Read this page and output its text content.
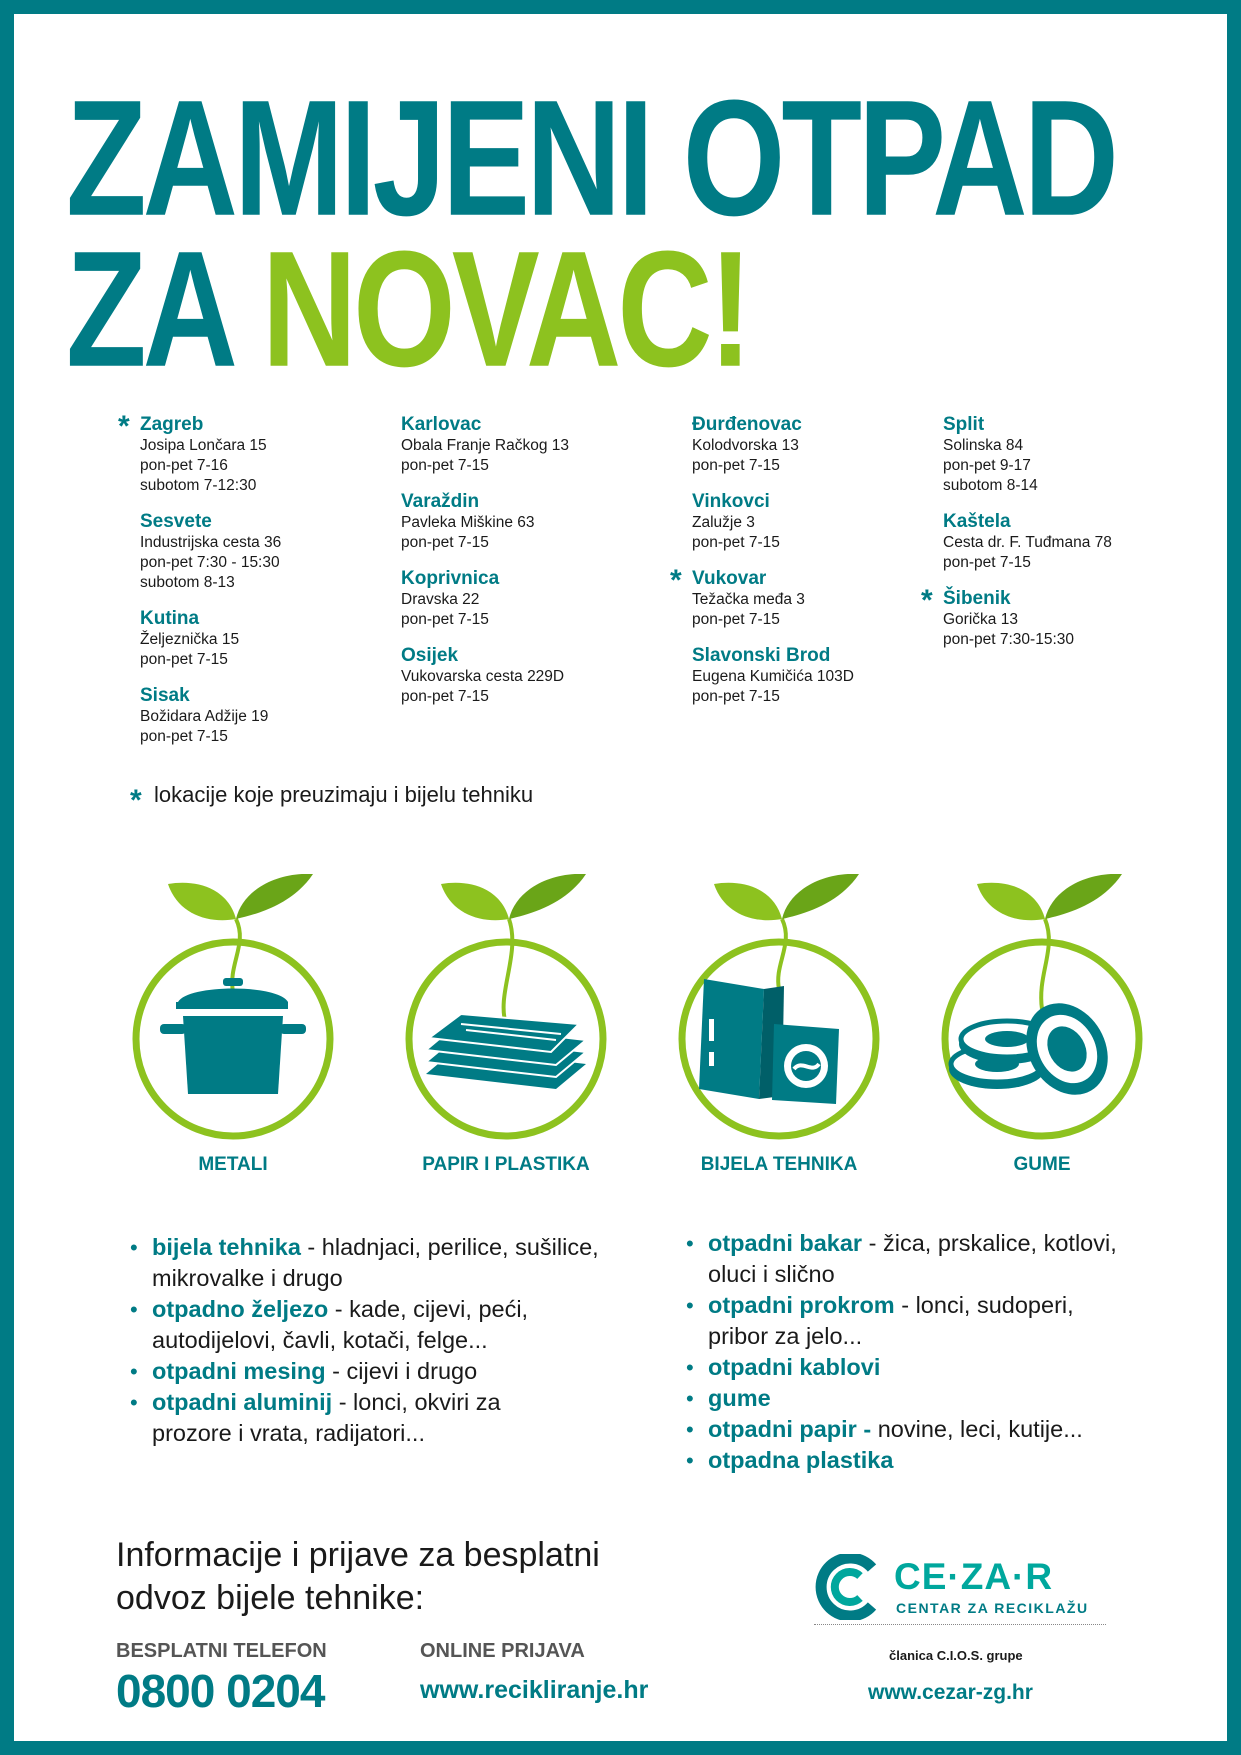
ZAMIJENI OTPAD
ZA NOVAC!
* Zagreb
Josipa Lončara 15
pon-pet 7-16
subotom 7-12:30
Sesvete
Industrijska cesta 36
pon-pet 7:30 - 15:30
subotom 8-13
Kutina
Željeznička 15
pon-pet 7-15
Sisak
Božidara Adžije 19
pon-pet 7-15
Karlovac
Obala Franje Račkog 13
pon-pet 7-15
Varaždin
Pavleka Miškine 63
pon-pet 7-15
Koprivnica
Dravska 22
pon-pet 7-15
Osijek
Vukovarska cesta 229D
pon-pet 7-15
Đurđenovac
Kolodvorska 13
pon-pet 7-15
Vinkovci
Zalužje 3
pon-pet 7-15
* Vukovar
Težačka međa 3
pon-pet 7-15
Slavonski Brod
Eugena Kumičića 103D
pon-pet 7-15
Split
Solinska 84
pon-pet 9-17
subotom 8-14
Kaštela
Cesta dr. F. Tuđmana 78
pon-pet 7-15
* Šibenik
Gorička 13
pon-pet 7:30-15:30
* lokacije koje preuzimaju i bijelu tehniku
METALI	PAPIR I PLASTIKA	BIJELA TEHNIKA	GUME
• bijela tehnika - hladnjaci, perilice, sušilice,
mikrovalke i drugo
• otpadno željezo - kade, cijevi, peći,
autodijelovi, čavli, kotači, felge...
• otpadni mesing - cijevi i drugo
• otpadni aluminij - lonci, okviri za
prozore i vrata, radijatori...
• otpadni bakar - žica, prskalice, kotlovi,
oluci i slično
• otpadni prokrom - lonci, sudoperi,
pribor za jelo...
• otpadni kablovi
• gume
• otpadni papir - novine, leci, kutije...
• otpadna plastika
Informacije i prijave za besplatni
odvoz bijele tehnike:
BESPLATNI TELEFON
0800 0204
ONLINE PRIJAVA
www.recikliranje.hr
CE·ZA·R
CENTAR ZA RECIKLAŽU
članica C.I.O.S. grupe
www.cezar-zg.hr
